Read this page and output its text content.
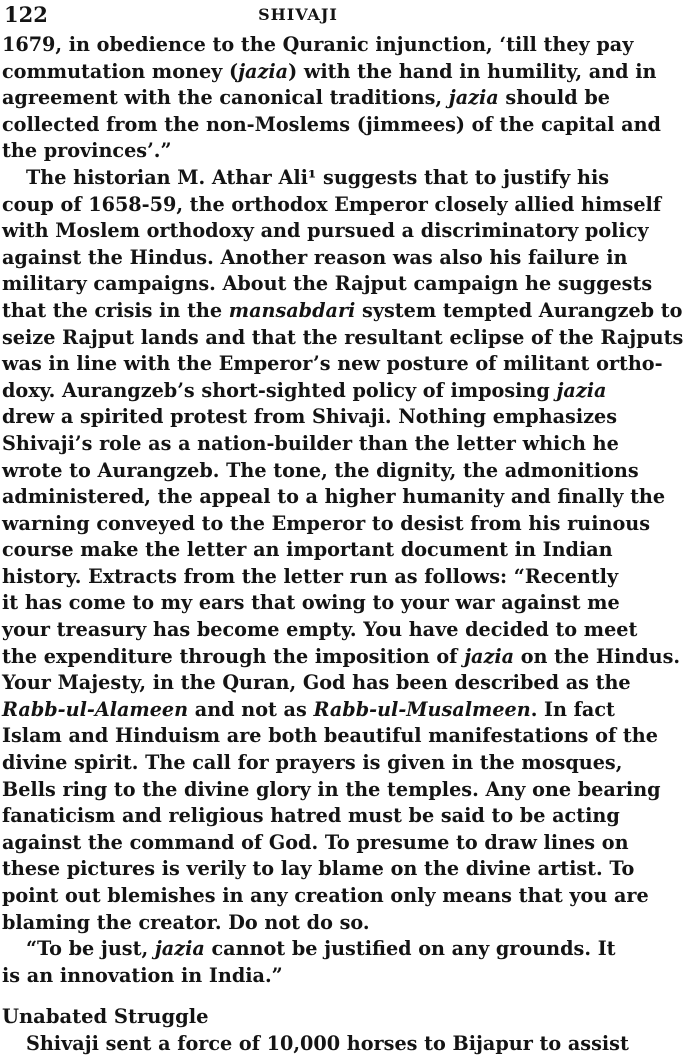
122	SHIVAJI
1679, in obedience to the Quranic injunction, ‘till they pay
commutation money (jazia) with the hand in humility, and in
agreement with the canonical traditions, jazia should be
collected from the non-Moslems (jimmees) of the capital and
the provinces’.”
The historian M. Athar Ali¹ suggests that to justify his
coup of 1658-59, the orthodox Emperor closely allied himself
with Moslem orthodoxy and pursued a discriminatory policy
against the Hindus. Another reason was also his failure in
military campaigns. About the Rajput campaign he suggests
that the crisis in the mansabdari system tempted Aurangzeb to
seize Rajput lands and that the resultant eclipse of the Rajputs
was in line with the Emperor’s new posture of militant ortho-
doxy. Aurangzeb’s short-sighted policy of imposing jazia
drew a spirited protest from Shivaji. Nothing emphasizes
Shivaji’s role as a nation-builder than the letter which he
wrote to Aurangzeb. The tone, the dignity, the admonitions
administered, the appeal to a higher humanity and finally the
warning conveyed to the Emperor to desist from his ruinous
course make the letter an important document in Indian
history. Extracts from the letter run as follows: “Recently
it has come to my ears that owing to your war against me
your treasury has become empty. You have decided to meet
the expenditure through the imposition of jazia on the Hindus.
Your Majesty, in the Quran, God has been described as the
Rabb-ul-Alameen and not as Rabb-ul-Musalmeen. In fact
Islam and Hinduism are both beautiful manifestations of the
divine spirit. The call for prayers is given in the mosques,
Bells ring to the divine glory in the temples. Any one bearing
fanaticism and religious hatred must be said to be acting
against the command of God. To presume to draw lines on
these pictures is verily to lay blame on the divine artist. To
point out blemishes in any creation only means that you are
blaming the creator. Do not do so.
“To be just, jazia cannot be justified on any grounds. It
is an innovation in India.”
Unabated Struggle
Shivaji sent a force of 10,000 horses to Bijapur to assist
